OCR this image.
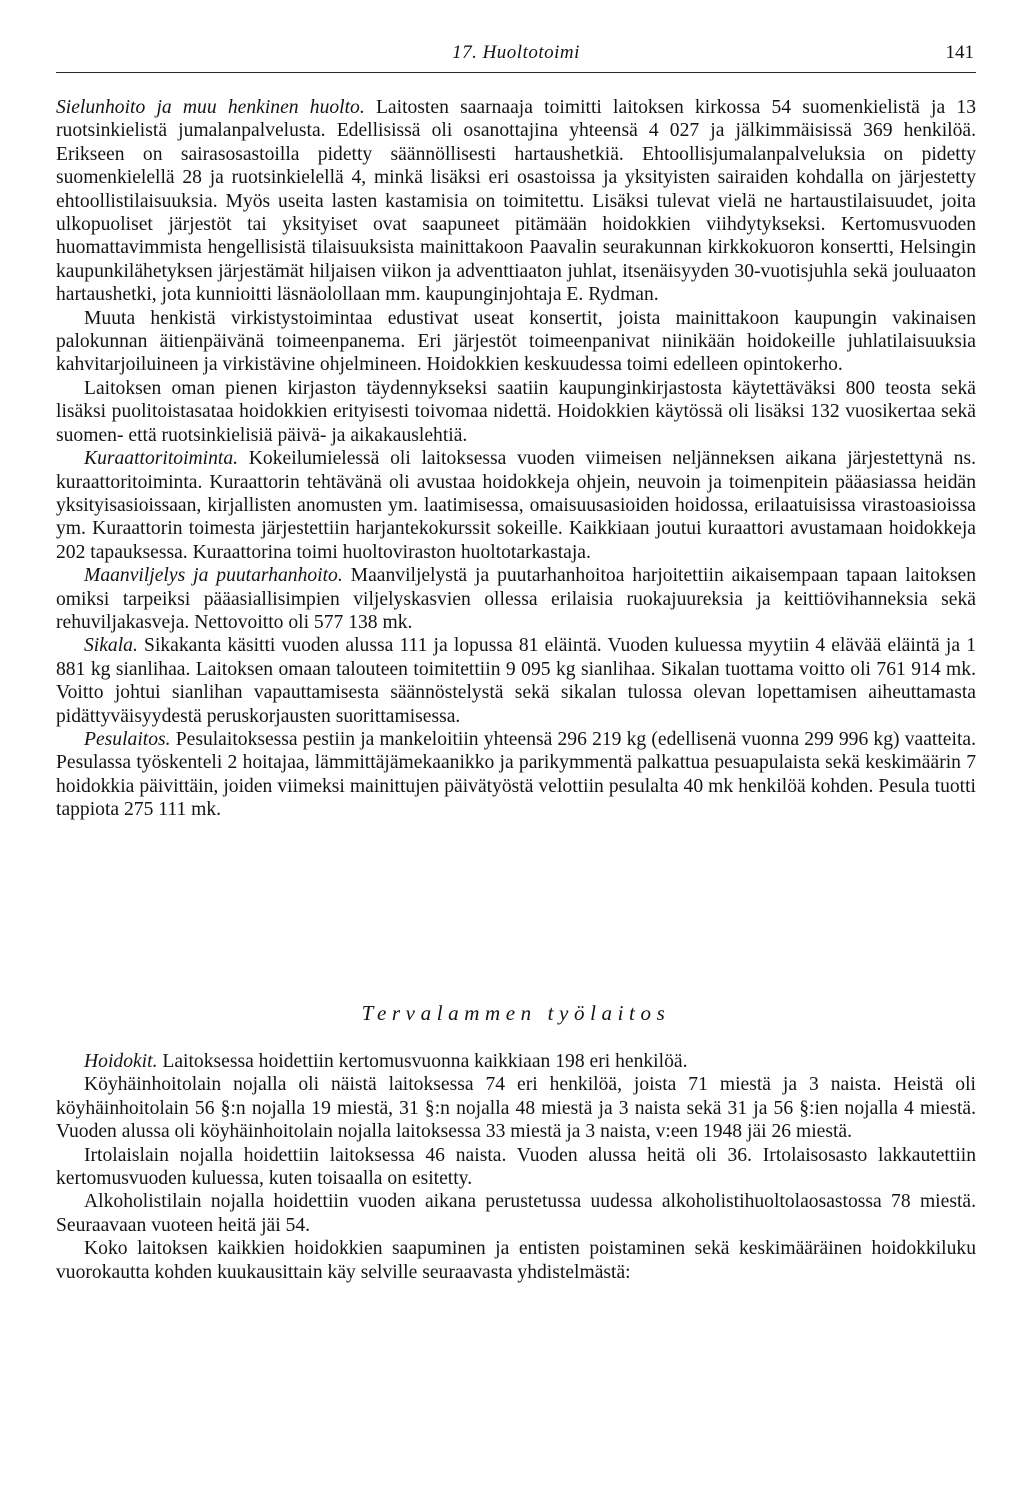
17. Huoltotoimi	141

Sielunhoito ja muu henkinen huolto. Laitosten saarnaaja toimitti laitoksen kirkossa 54 suomenkielistä ja 13 ruotsinkielistä jumalanpalvelusta. Edellisissä oli osanottajina yhteensä 4 027 ja jälkimmäisissä 369 henkilöä. Erikseen on sairasosastoilla pidetty säännöllisesti hartaushetkiä. Ehtoollisjumalanpalveluksia on pidetty suomenkielellä 28 ja ruotsinkielellä 4, minkä lisäksi eri osastoissa ja yksityisten sairaiden kohdalla on järjestetty ehtoollistilaisuuksia. Myös useita lasten kastamisia on toimitettu. Lisäksi tulevat vielä ne hartaustilaisuudet, joita ulkopuoliset järjestöt tai yksityiset ovat saapuneet pitämään hoidokkien viihdytykseksi. Kertomusvuoden huomattavimmista hengellisistä tilaisuuksista mainittakoon Paavalin seurakunnan kirkkokuoron konsertti, Helsingin kaupunkilähetyksen järjestämät hiljaisen viikon ja adventtiaaton juhlat, itsenäisyyden 30-vuotisjuhla sekä jouluaaton hartaushetki, jota kunnioitti läsnäolollaan mm. kaupunginjohtaja E. Rydman.

Muuta henkistä virkistystoimintaa edustivat useat konsertit, joista mainittakoon kaupungin vakinaisen palokunnan äitienpäivänä toimeenpanema. Eri järjestöt toimeenpanivat niinikään hoidokeille juhlatilaisuuksia kahvitarjoiluineen ja virkistävine ohjelmineen. Hoidokkien keskuudessa toimi edelleen opintokerho.

Laitoksen oman pienen kirjaston täydennykseksi saatiin kaupunginkirjastosta käytettäväksi 800 teosta sekä lisäksi puolitoistasataa hoidokkien erityisesti toivomaa nidettä. Hoidokkien käytössä oli lisäksi 132 vuosikertaa sekä suomen- että ruotsinkielisiä päivä- ja aikakauslehtiä.

Kuraattoritoiminta. Kokeilumielessä oli laitoksessa vuoden viimeisen neljänneksen aikana järjestettynä ns. kuraattoritoiminta. Kuraattorin tehtävänä oli avustaa hoidokkeja ohjein, neuvoin ja toimenpitein pääasiassa heidän yksityisasioissaan, kirjallisten anomusten ym. laatimisessa, omaisuusasioiden hoidossa, erilaatuisissa virastoasioissa ym. Kuraattorin toimesta järjestettiin harjantekokurssit sokeille. Kaikkiaan joutui kuraattori avustamaan hoidokkeja 202 tapauksessa. Kuraattorina toimi huoltoviraston huoltotarkastaja.

Maanviljelys ja puutarhanhoito. Maanviljelystä ja puutarhanhoitoa harjoitettiin aikaisempaan tapaan laitoksen omiksi tarpeiksi pääasiallisimpien viljelyskasvien ollessa erilaisia ruokajuureksia ja keittiövihanneksia sekä rehuviljakasveja. Nettovoitto oli 577 138 mk.

Sikala. Sikakanta käsitti vuoden alussa 111 ja lopussa 81 eläintä. Vuoden kuluessa myytiin 4 elävää eläintä ja 1 881 kg sianlihaa. Laitoksen omaan talouteen toimitettiin 9 095 kg sianlihaa. Sikalan tuottama voitto oli 761 914 mk. Voitto johtui sianlihan vapauttamisesta säännöstelystä sekä sikalan tulossa olevan lopettamisen aiheuttamasta pidättyväisyydestä peruskorjausten suorittamisessa.

Pesulaitos. Pesulaitoksessa pestiin ja mankeloitiin yhteensä 296 219 kg (edellisenä vuonna 299 996 kg) vaatteita. Pesulassa työskenteli 2 hoitajaa, lämmittäjämekaanikko ja parikymmentä palkattua pesuapulaista sekä keskimäärin 7 hoidokkia päivittäin, joiden viimeksi mainittujen päivätyöstä velottiin pesulalta 40 mk henkilöä kohden. Pesula tuotti tappiota 275 111 mk.

Tervalammen työlaitos

Hoidokit. Laitoksessa hoidettiin kertomusvuonna kaikkiaan 198 eri henkilöä.

Köyhäinhoitolain nojalla oli näistä laitoksessa 74 eri henkilöä, joista 71 miestä ja 3 naista. Heistä oli köyhäinhoitolain 56 §:n nojalla 19 miestä, 31 §:n nojalla 48 miestä ja 3 naista sekä 31 ja 56 §:ien nojalla 4 miestä. Vuoden alussa oli köyhäinhoitolain nojalla laitoksessa 33 miestä ja 3 naista, v:een 1948 jäi 26 miestä.

Irtolaislain nojalla hoidettiin laitoksessa 46 naista. Vuoden alussa heitä oli 36. Irtolaisosasto lakkautettiin kertomusvuoden kuluessa, kuten toisaalla on esitetty.

Alkoholistilain nojalla hoidettiin vuoden aikana perustetussa uudessa alkoholistihuoltolaosastossa 78 miestä. Seuraavaan vuoteen heitä jäi 54.

Koko laitoksen kaikkien hoidokkien saapuminen ja entisten poistaminen sekä keskimääräinen hoidokkiluku vuorokautta kohden kuukausittain käy selville seuraavasta yhdistelmästä:
